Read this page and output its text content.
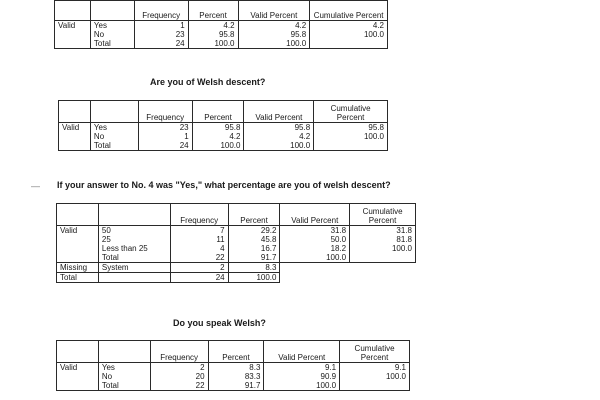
		Frequency	Percent	Valid Percent	Cumulative Percent
Valid	Yes	1	4.2	4.2	4.2
	No	23	95.8	95.8	100.0
	Total	24	100.0	100.0	
Are you of Welsh descent?
		Frequency	Percent	Valid Percent	Cumulative Percent
Valid	Yes	23	95.8	95.8	95.8
	No	1	4.2	4.2	100.0
	Total	24	100.0	100.0	
— If your answer to No. 4 was "Yes," what percentage are you of welsh descent?
		Frequency	Percent	Valid Percent	Cumulative Percent
Valid	50	7	29.2	31.8	31.8
	25	11	45.8	50.0	81.8
	Less than 25	4	16.7	18.2	100.0
	Total	22	91.7	100.0	
Missing	System	2	8.3		
Total		24	100.0		
Do you speak Welsh?
		Frequency	Percent	Valid Percent	Cumulative Percent
Valid	Yes	2	8.3	9.1	9.1
	No	20	83.3	90.9	100.0
	Total	22	91.7	100.0	
